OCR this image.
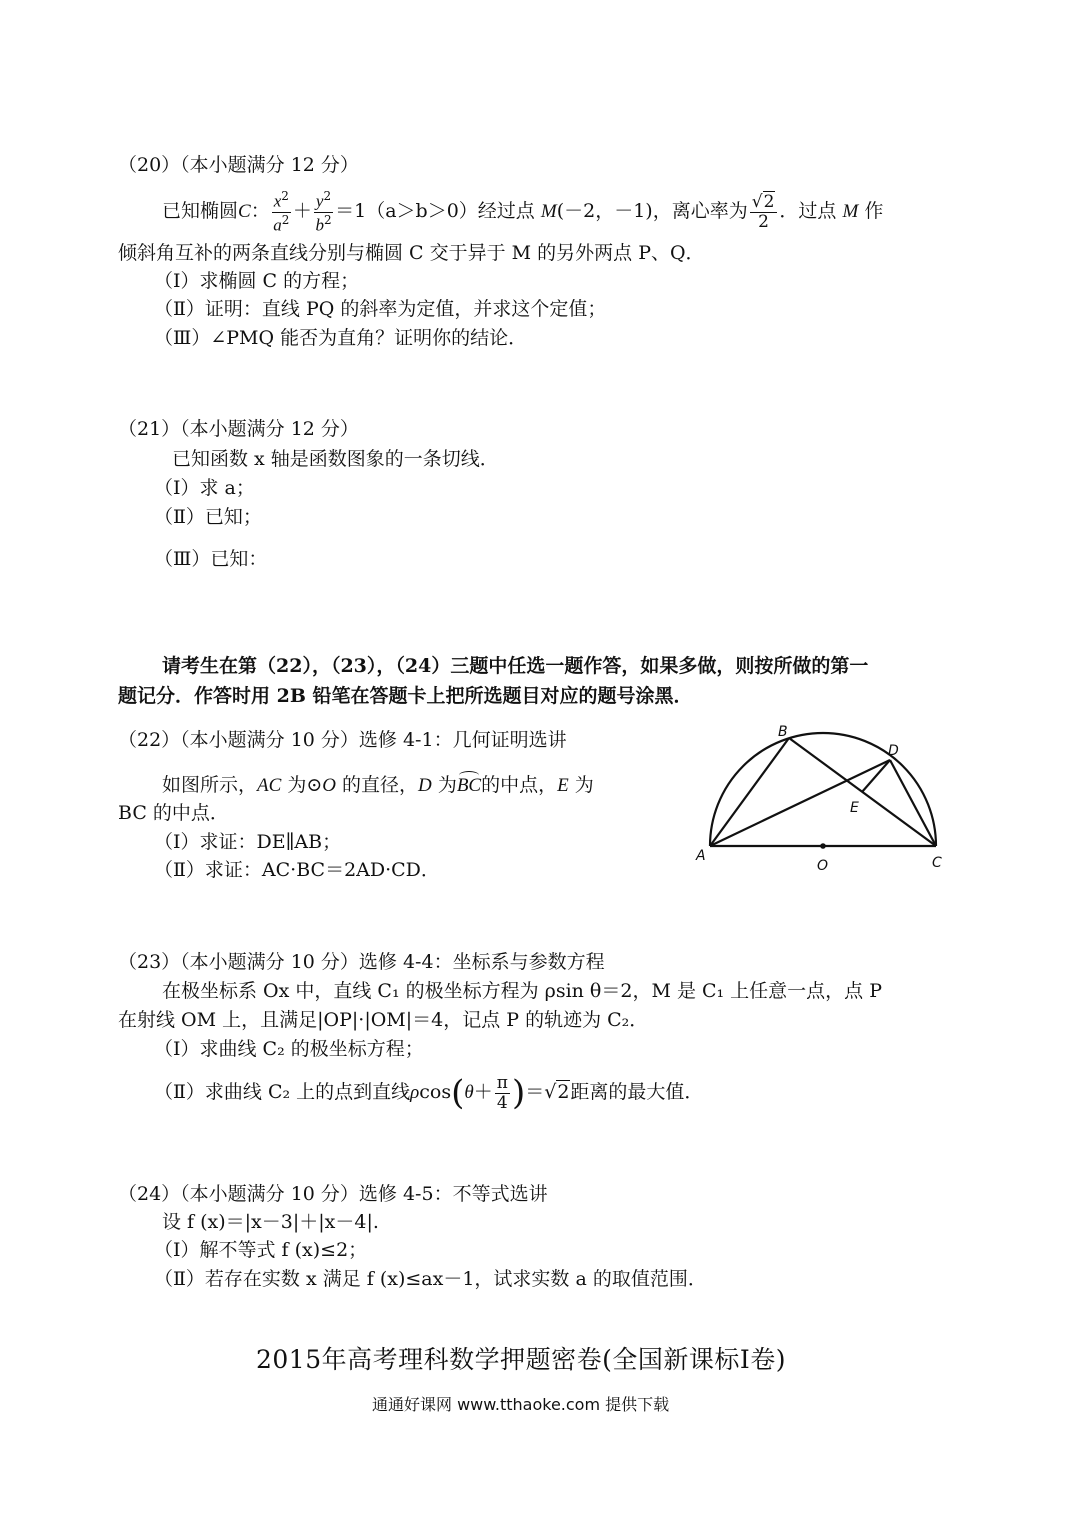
（20）（本小题满分 12 分）
已知椭圆C： $\frac{x^2}{a^2} + \frac{y^2}{b^2} =1(a>b>0)$经过点 M(－2，－1)，离心率为 $\frac{√2}{2}$ ．过点 M 作
倾斜角互补的两条直线分别与椭圆 C 交于异于 M 的另外两点 P、Q．
（Ⅰ）求椭圆 C 的方程；
（Ⅱ）证明：直线 PQ 的斜率为定值，并求这个定值；
（Ⅲ）∠PMQ 能否为直角？证明你的结论．
（21）（本小题满分 12 分）
已知函数 x 轴是函数图象的一条切线．
（Ⅰ）求 a；
（Ⅱ）已知；
（Ⅲ）已知：
请考生在第（22），（23），（24）三题中任选一题作答，如果多做，则按所做的第一
题记分．作答时用 2B 铅笔在答题卡上把所选题目对应的题号涂黑．
（22）（本小题满分 10 分）选修 4-1：几何证明选讲
如图所示，AC 为⊙O 的直径，D 为BC的中点，E 为
BC 的中点．
（Ⅰ）求证：DE∥AB；
（Ⅱ）求证：AC·BC＝2AD·CD．
A
B
C
D
E
O
（23）（本小题满分 10 分）选修 4-4：坐标系与参数方程
在极坐标系 Ox 中，直线 C₁ 的极坐标方程为 ρsin θ＝2，M 是 C₁ 上任意一点，点 P
在射线 OM 上，且满足|OP|·|OM|＝4，记点 P 的轨迹为 C₂．
（Ⅰ）求曲线 C₂ 的极坐标方程；
（Ⅱ）求曲线 C₂ 上的点到直线$\rho\cos(\theta+ \frac{\pi}{4} )=√2$距离的最大值．
（24）（本小题满分 10 分）选修 4-5：不等式选讲
设 f (x)＝|x－3|＋|x－4|.
（Ⅰ）解不等式 f (x)≤2；
（Ⅱ）若存在实数 x 满足 f (x)≤ax－1，试求实数 a 的取值范围．
2015年高考理科数学押题密卷(全国新课标Ⅰ卷)
通通好课网 www.tthaoke.com 提供下载
